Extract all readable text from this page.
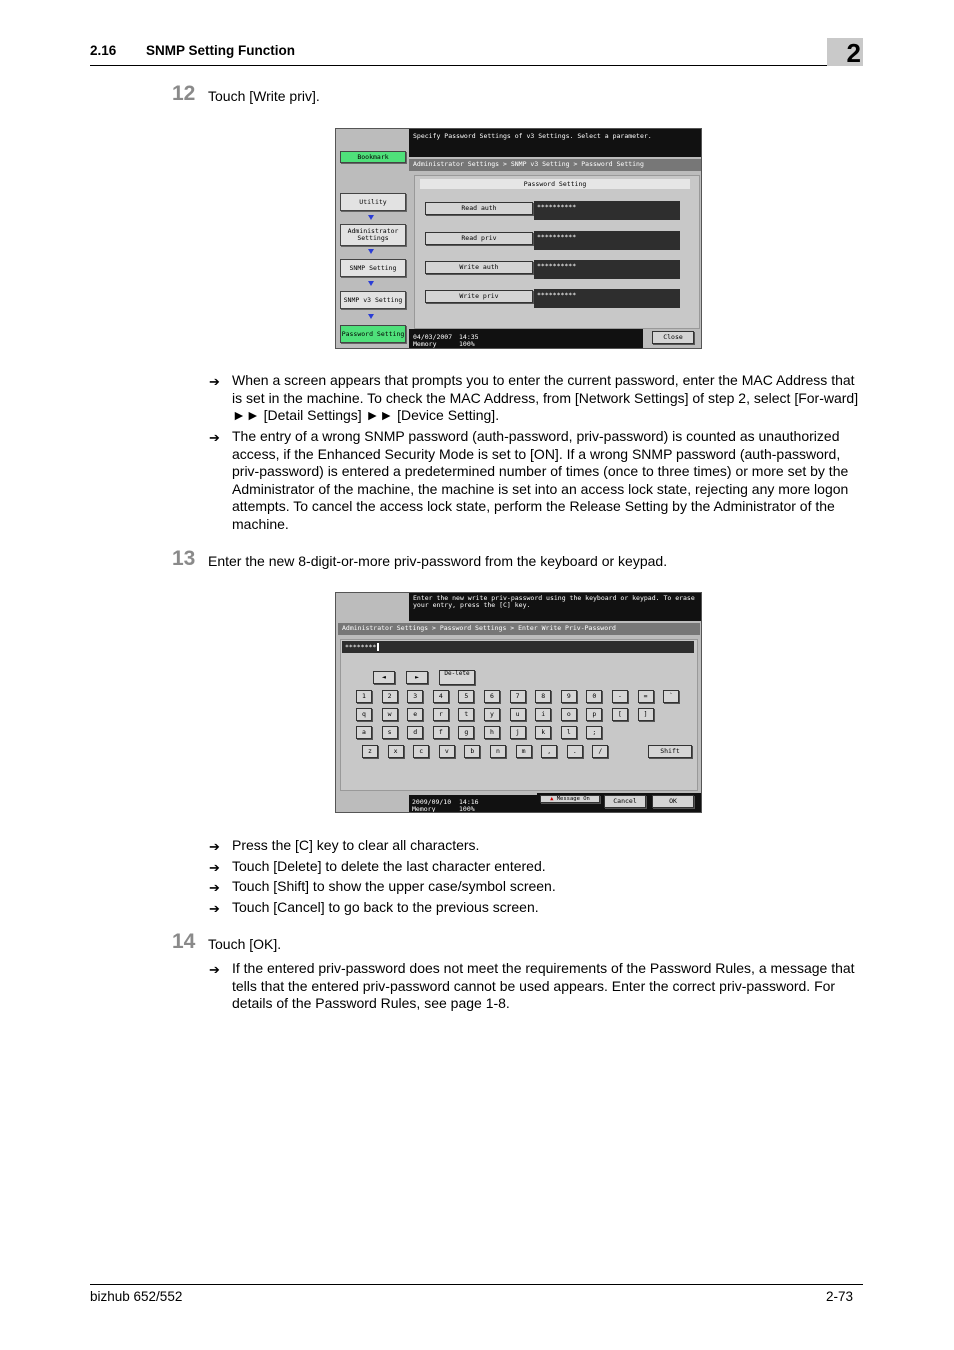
2.16 SNMP Setting Function	2
12 Touch [Write priv].
Specify Password Settings of v3 Settings. Select a parameter.
Bookmark
Utility
Administrator Settings
SNMP Setting
SNMP v3 Setting
Password Setting
Administrator Settings > SNMP v3 Setting > Password Setting
Password Setting
Read auth	**********
Read priv	**********
Write auth	**********
Write priv	**********
04/03/2007 14:35
Memory	100%
Close
➔ When a screen appears that prompts you to enter the current password, enter the MAC Address that is set in the machine. To check the MAC Address, from [Network Settings] of step 2, select [For-ward] ►► [Detail Settings] ►► [Device Setting].
➔ The entry of a wrong SNMP password (auth-password, priv-password) is counted as unauthorized access, if the Enhanced Security Mode is set to [ON]. If a wrong SNMP password (auth-password, priv-password) is entered a predetermined number of times (once to three times) or more set by the Administrator of the machine, the machine is set into an access lock state, rejecting any more logon attempts. To cancel the access lock state, perform the Release Setting by the Administrator of the machine.
13 Enter the new 8-digit-or-more priv-password from the keyboard or keypad.
Enter the new write priv-password using the keyboard or keypad. To erase your entry, press the [C] key.
Administrator Settings > Password Settings > Enter Write Priv-Password
********
◄	►	De-lete
1	2	3	4	5	6	7	8	9	0	-	=	`
q	w	e	r	t	y	u	i	o	p	[	]
a	s	d	f	g	h	j	k	l	;
z	x	c	v	b	n	m	,	.	/	Shift
2009/09/10 14:16
Memory	100%
▲ Message On	Cancel	OK
➔ Press the [C] key to clear all characters.
➔ Touch [Delete] to delete the last character entered.
➔ Touch [Shift] to show the upper case/symbol screen.
➔ Touch [Cancel] to go back to the previous screen.
14 Touch [OK].
➔ If the entered priv-password does not meet the requirements of the Password Rules, a message that tells that the entered priv-password cannot be used appears. Enter the correct priv-password. For details of the Password Rules, see page 1-8.
bizhub 652/552	2-73
